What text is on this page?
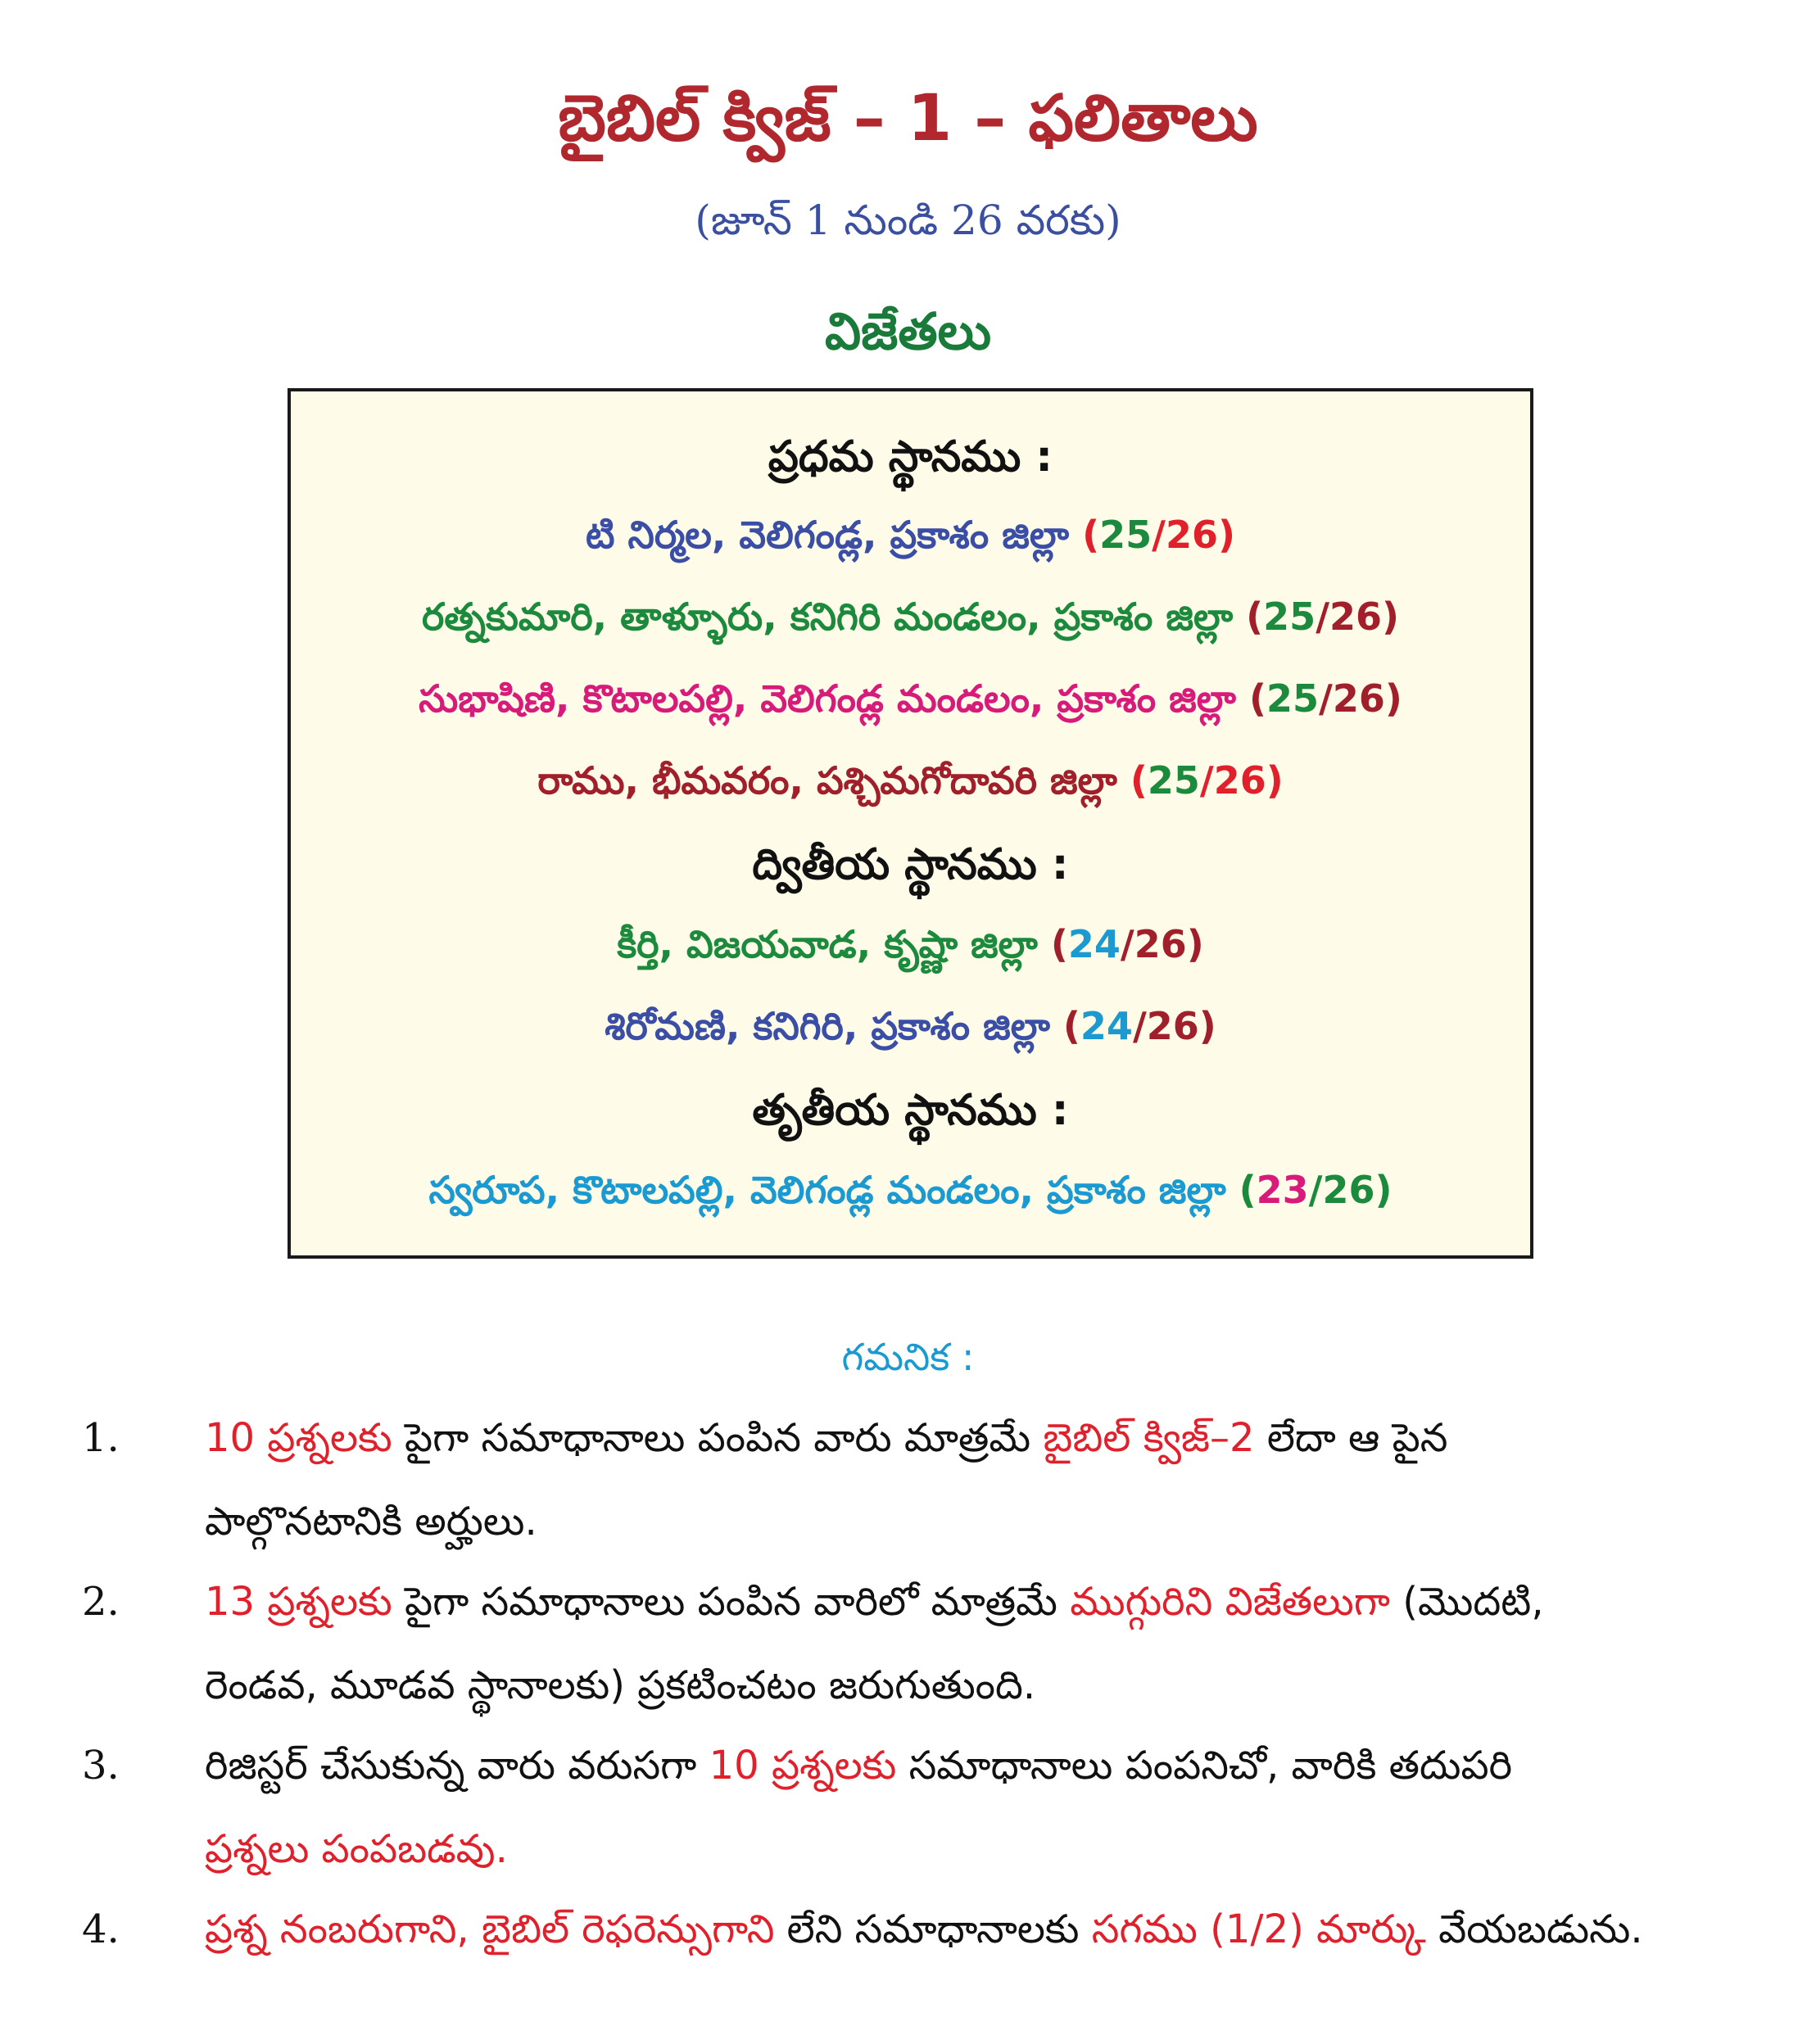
బైబిల్ క్విజ్ – 1 – ఫలితాలు
(జూన్ 1 నుండి 26 వరకు)
విజేతలు
ప్రధమ స్థానము :
టి నిర్మల, వెలిగండ్ల, ప్రకాశం జిల్లా (25/26)
రత్నకుమారి, తాళ్ళూరు, కనిగిరి మండలం, ప్రకాశం జిల్లా (25/26)
సుభాషిణి, కొటాలపల్లి, వెలిగండ్ల మండలం, ప్రకాశం జిల్లా (25/26)
రాము, భీమవరం, పశ్చిమగోదావరి జిల్లా (25/26)
ద్వితీయ స్థానము :
కీర్తి, విజయవాడ, కృష్ణా జిల్లా (24/26)
శిరోమణి, కనిగిరి, ప్రకాశం జిల్లా (24/26)
తృతీయ స్థానము :
స్వరూప, కొటాలపల్లి, వెలిగండ్ల మండలం, ప్రకాశం జిల్లా (23/26)
గమనిక :
1. 10 ప్రశ్నలకు పైగా సమాధానాలు పంపిన వారు మాత్రమే బైబిల్ క్విజ్–2 లేదా ఆ పైన
పాల్గొనటానికి అర్హులు.
2. 13 ప్రశ్నలకు పైగా సమాధానాలు పంపిన వారిలో మాత్రమే ముగ్గురిని విజేతలుగా (మొదటి,
రెండవ, మూడవ స్థానాలకు) ప్రకటించటం జరుగుతుంది.
3. రిజిస్టర్ చేసుకున్న వారు వరుసగా 10 ప్రశ్నలకు సమాధానాలు పంపనిచో, వారికి తదుపరి
ప్రశ్నలు పంపబడవు.
4. ప్రశ్న నంబరుగాని, బైబిల్ రెఫరెన్సుగాని లేని సమాధానాలకు సగము (1/2) మార్కు వేయబడును.
